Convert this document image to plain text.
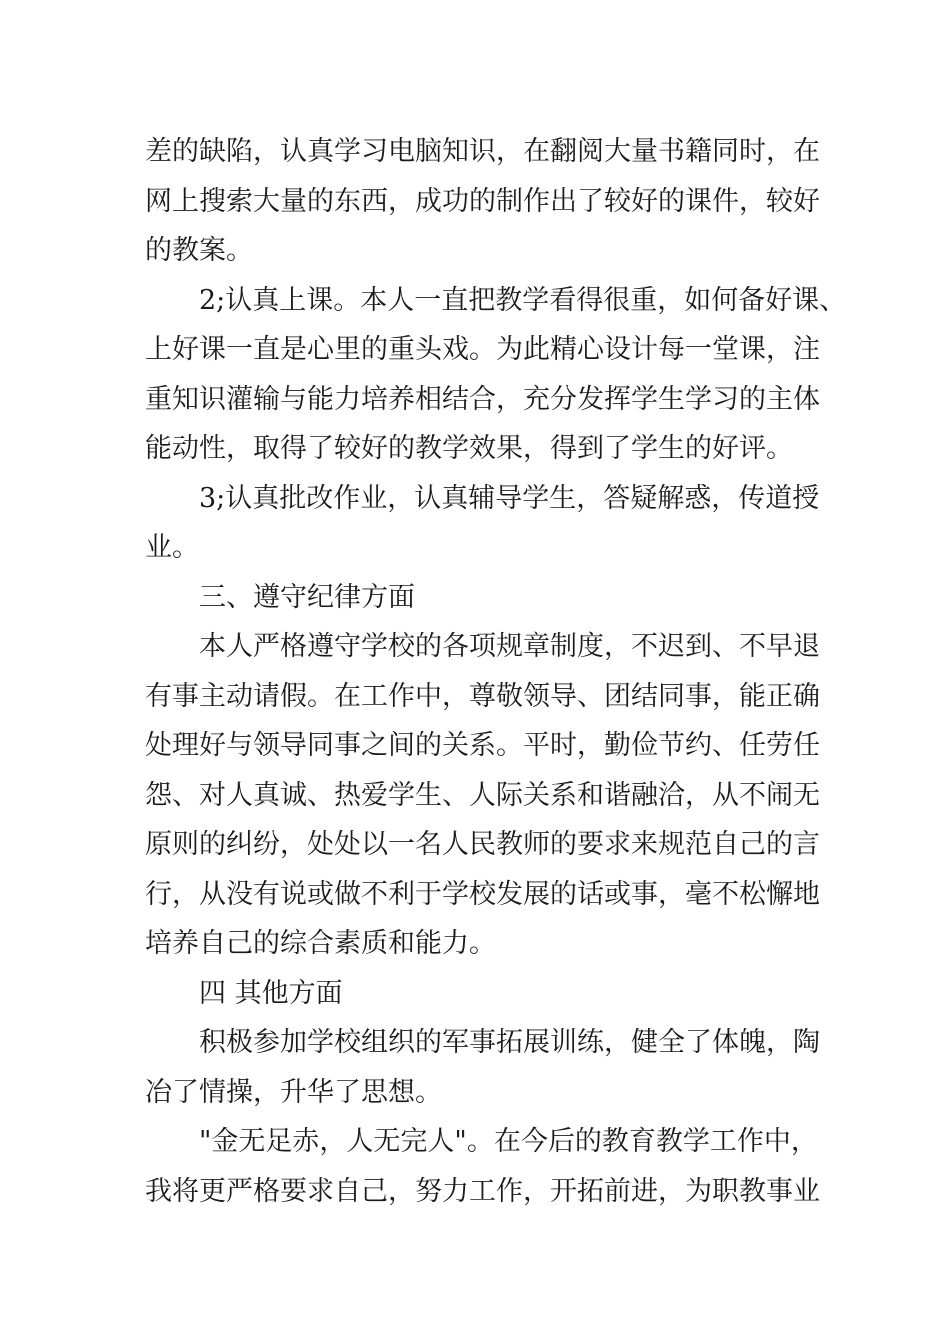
差的缺陷，认真学习电脑知识，在翻阅大量书籍同时，在
网上搜索大量的东西，成功的制作出了较好的课件，较好
的教案。
2;认真上课。本人一直把教学看得很重，如何备好课、
上好课一直是心里的重头戏。为此精心设计每一堂课，注
重知识灌输与能力培养相结合，充分发挥学生学习的主体
能动性，取得了较好的教学效果，得到了学生的好评。
3;认真批改作业，认真辅导学生，答疑解惑，传道授
业。
三、遵守纪律方面
本人严格遵守学校的各项规章制度，不迟到、不早退
有事主动请假。在工作中，尊敬领导、团结同事，能正确
处理好与领导同事之间的关系。平时，勤俭节约、任劳任
怨、对人真诚、热爱学生、人际关系和谐融洽，从不闹无
原则的纠纷，处处以一名人民教师的要求来规范自己的言
行，从没有说或做不利于学校发展的话或事，毫不松懈地
培养自己的综合素质和能力。
四 其他方面
积极参加学校组织的军事拓展训练，健全了体魄，陶
冶了情操，升华了思想。
"金无足赤，人无完人"。在今后的教育教学工作中，
我将更严格要求自己，努力工作，开拓前进，为职教事业
